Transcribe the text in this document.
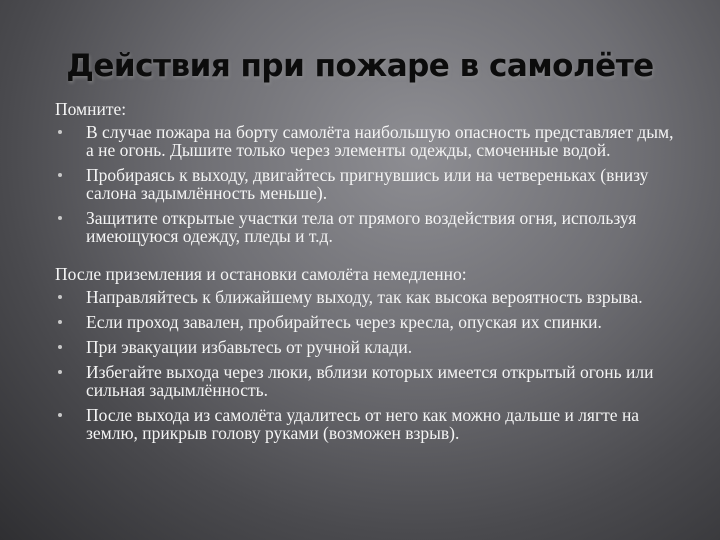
Действия при пожаре в самолёте

Помните:

В случае пожара на борту самолёта наибольшую опасность представляет дым, а не огонь. Дышите только через элементы одежды, смоченные водой.
Пробираясь к выходу, двигайтесь пригнувшись или на четвереньках (внизу салона задымлённость меньше).
Защитите открытые участки тела от прямого воздействия огня, используя имеющуюся одежду, пледы и т.д.

После приземления и остановки самолёта немедленно:

Направляйтесь к ближайшему выходу, так как высока вероятность взрыва.
Если проход завален, пробирайтесь через кресла, опуская их спинки.
При эвакуации избавьтесь от ручной клади.
Избегайте выхода через люки, вблизи которых имеется открытый огонь или сильная задымлённость.
После выхода из самолёта удалитесь от него как можно дальше и лягте на землю, прикрыв голову руками (возможен взрыв).
